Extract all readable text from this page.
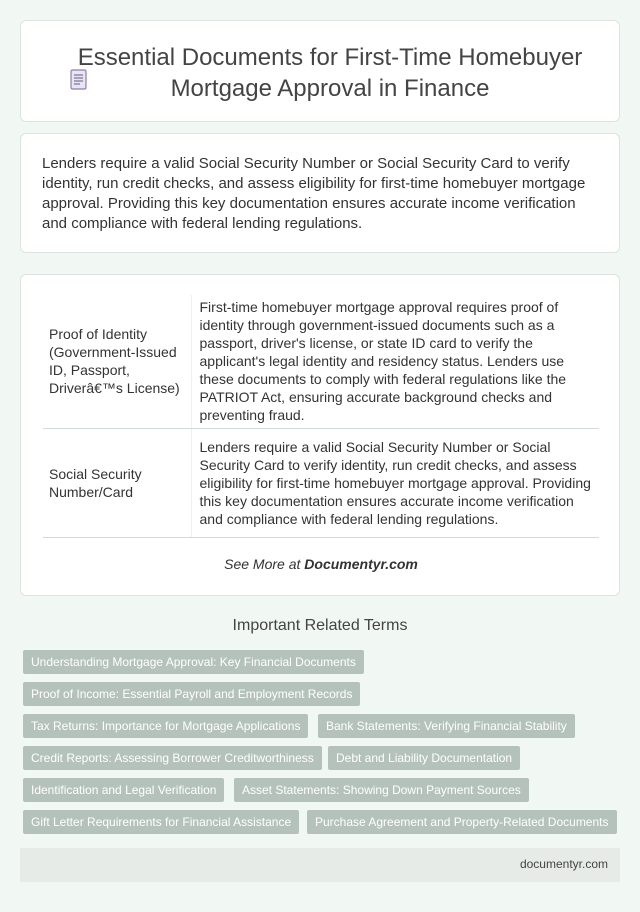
Essential Documents for First-Time Homebuyer Mortgage Approval in Finance

Lenders require a valid Social Security Number or Social Security Card to verify identity, run credit checks, and assess eligibility for first-time homebuyer mortgage approval. Providing this key documentation ensures accurate income verification and compliance with federal lending regulations.

Proof of Identity (Government-Issued ID, Passport, Driverâ€™s License)	First-time homebuyer mortgage approval requires proof of identity through government-issued documents such as a passport, driver's license, or state ID card to verify the applicant's legal identity and residency status. Lenders use these documents to comply with federal regulations like the PATRIOT Act, ensuring accurate background checks and preventing fraud.
Social Security Number/Card	Lenders require a valid Social Security Number or Social Security Card to verify identity, run credit checks, and assess eligibility for first-time homebuyer mortgage approval. Providing this key documentation ensures accurate income verification and compliance with federal lending regulations.
See More at Documentyr.com
Important Related Terms
Understanding Mortgage Approval: Key Financial Documents
Proof of Income: Essential Payroll and Employment Records
Tax Returns: Importance for Mortgage Applications	Bank Statements: Verifying Financial Stability
Credit Reports: Assessing Borrower Creditworthiness	Debt and Liability Documentation
Identification and Legal Verification	Asset Statements: Showing Down Payment Sources
Gift Letter Requirements for Financial Assistance	Purchase Agreement and Property-Related Documents
documentyr.com
